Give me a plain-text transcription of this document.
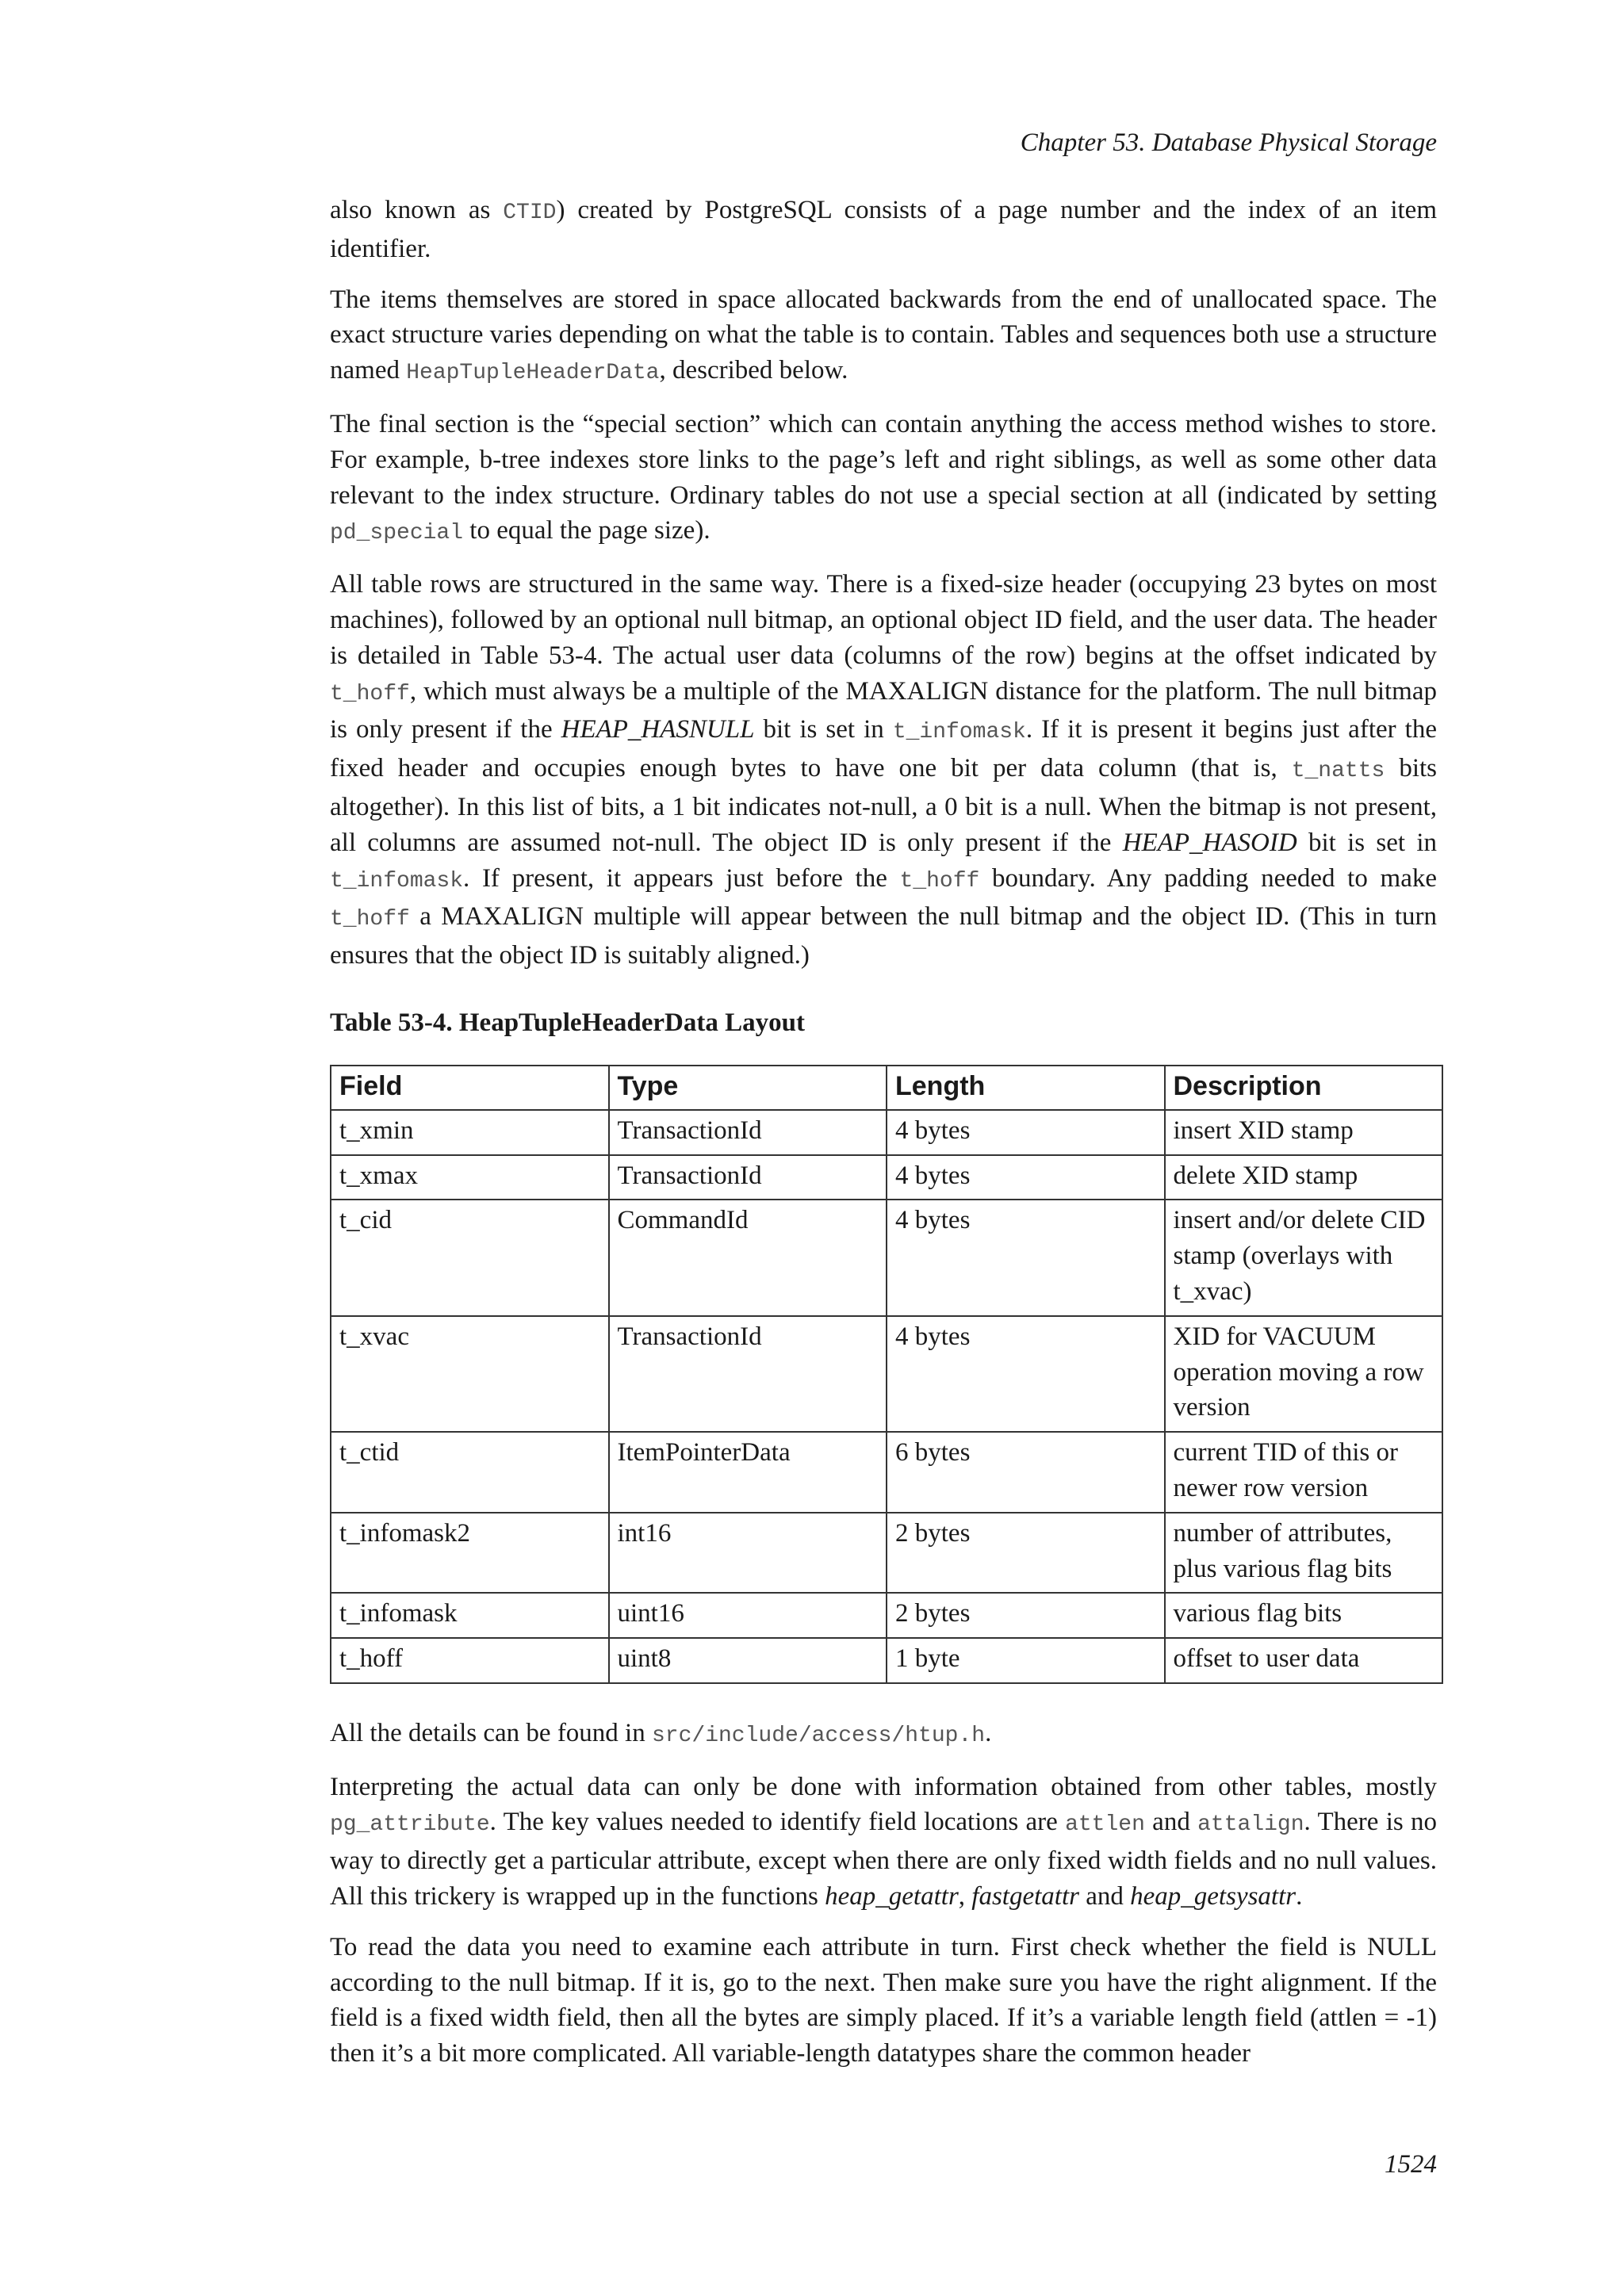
Chapter 53. Database Physical Storage

also known as CTID) created by PostgreSQL consists of a page number and the index of an item identifier.

The items themselves are stored in space allocated backwards from the end of unallocated space. The exact structure varies depending on what the table is to contain. Tables and sequences both use a structure named HeapTupleHeaderData, described below.

The final section is the “special section” which can contain anything the access method wishes to store. For example, b-tree indexes store links to the page’s left and right siblings, as well as some other data relevant to the index structure. Ordinary tables do not use a special section at all (indicated by setting pd_special to equal the page size).

All table rows are structured in the same way. There is a fixed-size header (occupying 23 bytes on most machines), followed by an optional null bitmap, an optional object ID field, and the user data. The header is detailed in Table 53-4. The actual user data (columns of the row) begins at the offset indicated by t_hoff, which must always be a multiple of the MAXALIGN distance for the platform. The null bitmap is only present if the HEAP_HASNULL bit is set in t_infomask. If it is present it begins just after the fixed header and occupies enough bytes to have one bit per data column (that is, t_natts bits altogether). In this list of bits, a 1 bit indicates not-null, a 0 bit is a null. When the bitmap is not present, all columns are assumed not-null. The object ID is only present if the HEAP_HASOID bit is set in t_infomask. If present, it appears just before the t_hoff boundary. Any padding needed to make t_hoff a MAXALIGN multiple will appear between the null bitmap and the object ID. (This in turn ensures that the object ID is suitably aligned.)

Table 53-4. HeapTupleHeaderData Layout
Field	Type	Length	Description
t_xmin	TransactionId	4 bytes	insert XID stamp
t_xmax	TransactionId	4 bytes	delete XID stamp
t_cid	CommandId	4 bytes	insert and/or delete CID stamp (overlays with t_xvac)
t_xvac	TransactionId	4 bytes	XID for VACUUM operation moving a row version
t_ctid	ItemPointerData	6 bytes	current TID of this or newer row version
t_infomask2	int16	2 bytes	number of attributes, plus various flag bits
t_infomask	uint16	2 bytes	various flag bits
t_hoff	uint8	1 byte	offset to user data

All the details can be found in src/include/access/htup.h.

Interpreting the actual data can only be done with information obtained from other tables, mostly pg_attribute. The key values needed to identify field locations are attlen and attalign. There is no way to directly get a particular attribute, except when there are only fixed width fields and no null values. All this trickery is wrapped up in the functions heap_getattr, fastgetattr and heap_getsysattr.

To read the data you need to examine each attribute in turn. First check whether the field is NULL according to the null bitmap. If it is, go to the next. Then make sure you have the right alignment. If the field is a fixed width field, then all the bytes are simply placed. If it’s a variable length field (attlen = -1) then it’s a bit more complicated. All variable-length datatypes share the common header

1524
